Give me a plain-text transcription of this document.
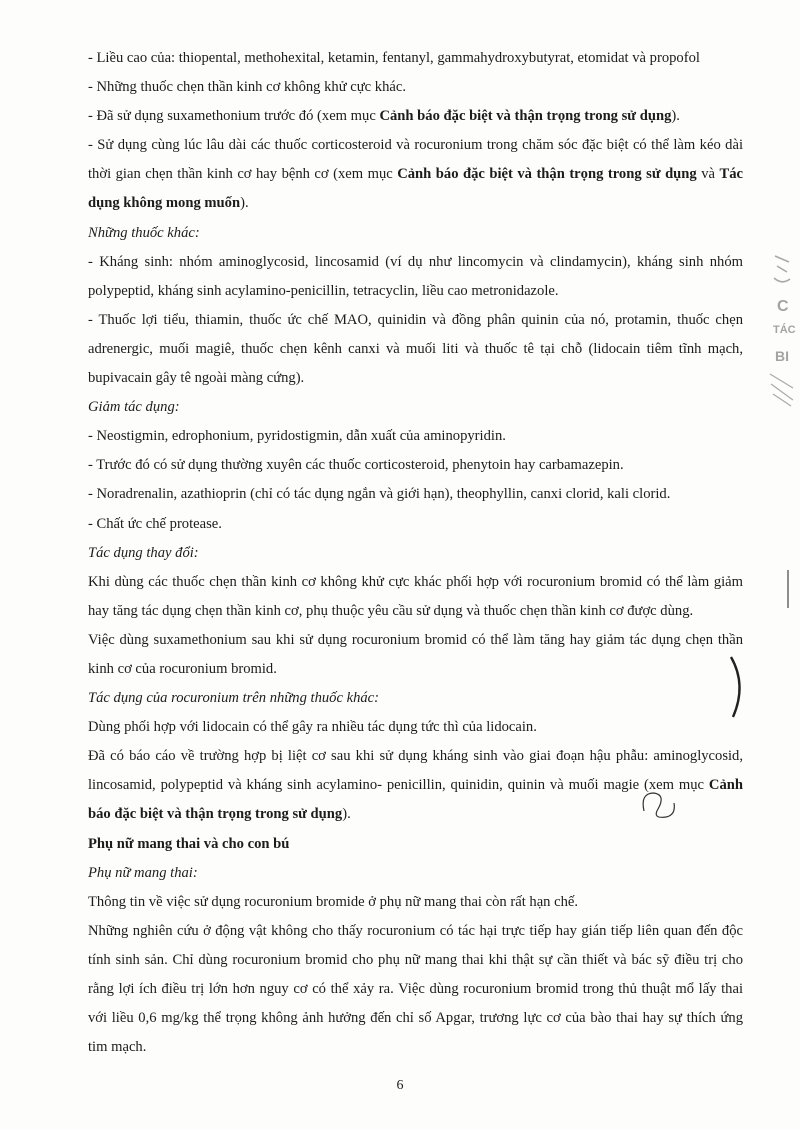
- Liều cao của: thiopental, methohexital, ketamin, fentanyl, gammahydroxybutyrat, etomidat và propofol

- Những thuốc chẹn thần kinh cơ không khử cực khác.

- Đã sử dụng suxamethonium trước đó (xem mục Cảnh báo đặc biệt và thận trọng trong sử dụng).

- Sử dụng cùng lúc lâu dài các thuốc corticosteroid và rocuronium trong chăm sóc đặc biệt có thể làm kéo dài thời gian chẹn thần kinh cơ hay bệnh cơ (xem mục Cảnh báo đặc biệt và thận trọng trong sử dụng và Tác dụng không mong muốn).

Những thuốc khác:

- Kháng sinh: nhóm aminoglycosid, lincosamid (ví dụ như lincomycin và clindamycin), kháng sinh nhóm polypeptid, kháng sinh acylamino-penicillin, tetracyclin, liều cao metronidazole.

- Thuốc lợi tiểu, thiamin, thuốc ức chế MAO, quinidin và đồng phân quinin của nó, protamin, thuốc chẹn adrenergic, muối magiê, thuốc chẹn kênh canxi và muối liti và thuốc tê tại chỗ (lidocain tiêm tĩnh mạch, bupivacain gây tê ngoài màng cứng).

Giảm tác dụng:

- Neostigmin, edrophonium, pyridostigmin, dẫn xuất của aminopyridin.

- Trước đó có sử dụng thường xuyên các thuốc corticosteroid, phenytoin hay carbamazepin.

- Noradrenalin, azathioprin (chỉ có tác dụng ngắn và giới hạn), theophyllin, canxi clorid, kali clorid.

- Chất ức chế protease.

Tác dụng thay đổi:

Khi dùng các thuốc chẹn thần kinh cơ không khử cực khác phối hợp với rocuronium bromid có thể làm giảm hay tăng tác dụng chẹn thần kinh cơ, phụ thuộc yêu cầu sử dụng và thuốc chẹn thần kinh cơ được dùng.

Việc dùng suxamethonium sau khi sử dụng rocuronium bromid có thể làm tăng hay giảm tác dụng chẹn thần kinh cơ của rocuronium bromid.

Tác dụng của rocuronium trên những thuốc khác:

Dùng phối hợp với lidocain có thể gây ra nhiều tác dụng tức thì của lidocain.

Đã có báo cáo về trường hợp bị liệt cơ sau khi sử dụng kháng sinh vào giai đoạn hậu phẫu: aminoglycosid, lincosamid, polypeptid và kháng sinh acylamino- penicillin, quinidin, quinin và muối magie (xem mục Cảnh báo đặc biệt và thận trọng trong sử dụng).

Phụ nữ mang thai và cho con bú

Phụ nữ mang thai:

Thông tin về việc sử dụng rocuronium bromide ở phụ nữ mang thai còn rất hạn chế.

Những nghiên cứu ở động vật không cho thấy rocuronium có tác hại trực tiếp hay gián tiếp liên quan đến độc tính sinh sản. Chỉ dùng rocuronium bromid cho phụ nữ mang thai khi thật sự cần thiết và bác sỹ điều trị cho rằng lợi ích điều trị lớn hơn nguy cơ có thể xảy ra. Việc dùng rocuronium bromid trong thủ thuật mổ lấy thai với liều 0,6 mg/kg thể trọng không ảnh hưởng đến chỉ số Apgar, trương lực cơ của bào thai hay sự thích ứng tim mạch.

C
TÁC
BI
6
